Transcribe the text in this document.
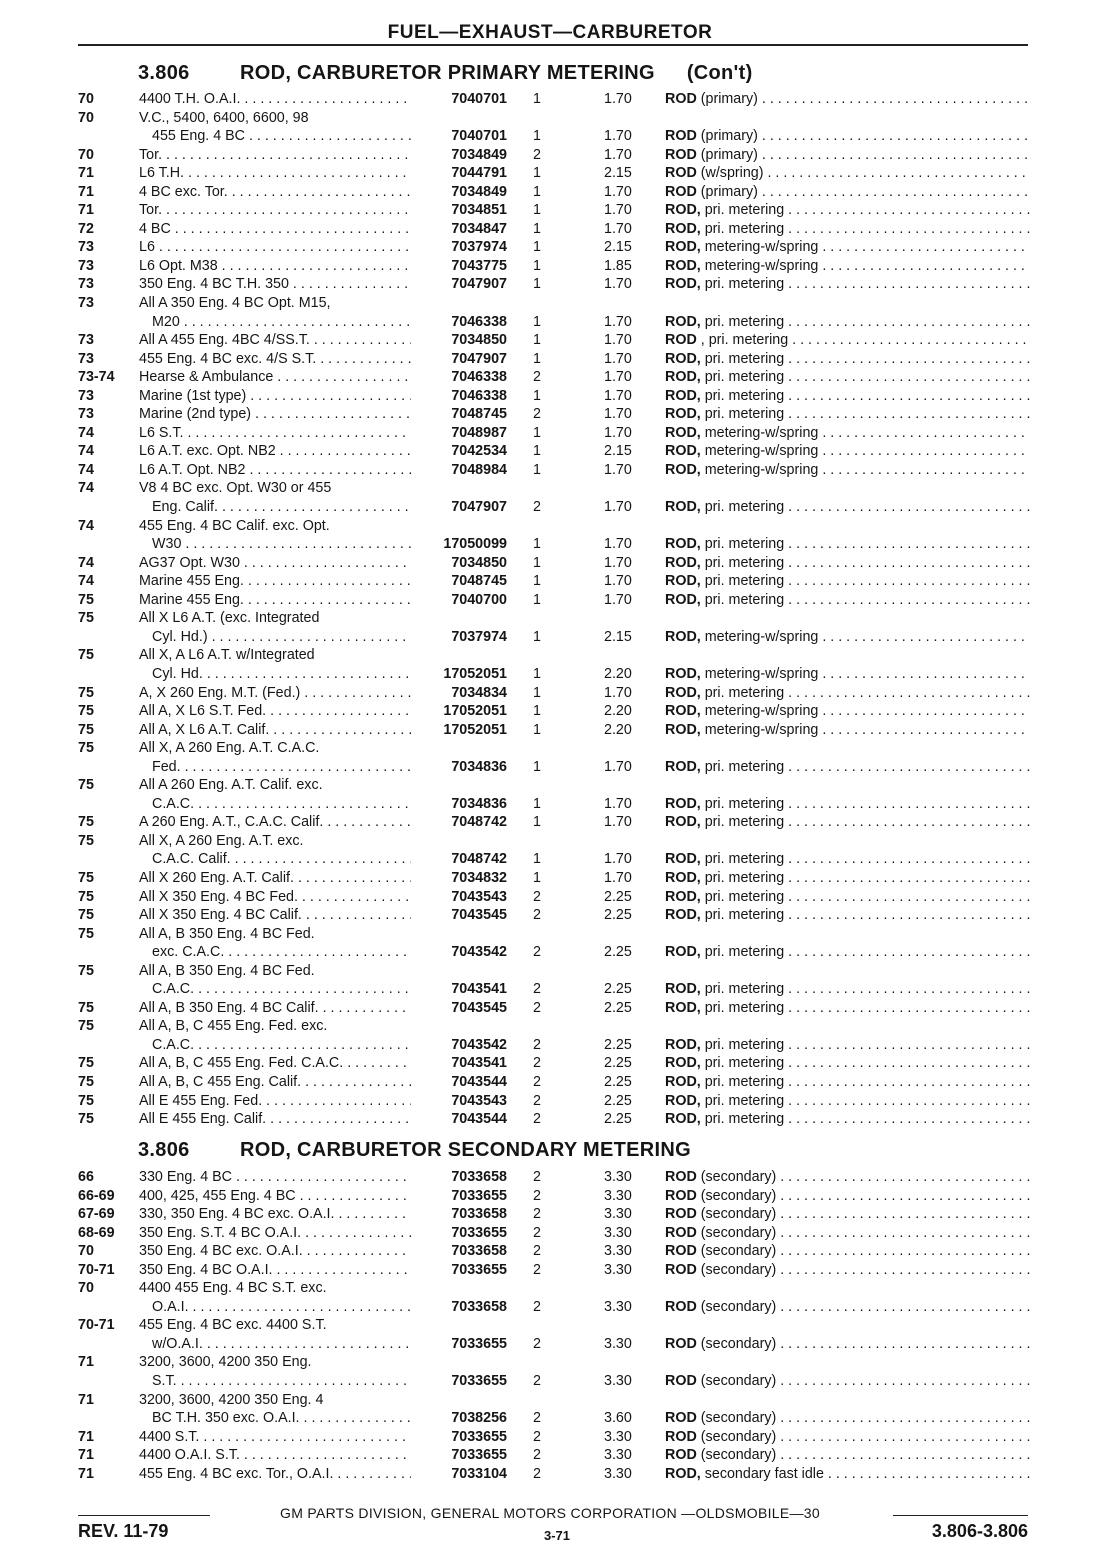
FUEL—EXHAUST—CARBURETOR
3.806	ROD, CARBURETOR PRIMARY METERING (Con't)
70	4400 T.H. O.A.I. . . .	7040701 1	1.70 ROD (primary) . . .
70	V.C., 5400, 6400, 6600, 98
455 Eng. 4 BC . . .	7040701 1	1.70 ROD (primary) . . .
70	Tor. . . .	7034849 2	1.70 ROD (primary) . . .
71	L6 T.H. . . .	7044791 1	2.15 ROD (w/spring) . . .
71	4 BC exc. Tor. . . .	7034849 1	1.70 ROD (primary) . . .
71	Tor. . . .	7034851 1	1.70 ROD, pri. metering . . .
72	4 BC . . .	7034847 1	1.70 ROD, pri. metering . . .
73	L6 . . .	7037974 1	2.15 ROD, metering-w/spring . . .
73	L6 Opt. M38 . . .	7043775 1	1.85 ROD, metering-w/spring . . .
73	350 Eng. 4 BC T.H. 350 . . .	7047907 1	1.70 ROD, pri. metering . . .
73	All A 350 Eng. 4 BC Opt. M15,
M20 . . .	7046338 1	1.70 ROD, pri. metering . . .
73	All A 455 Eng. 4BC 4/SS.T. . . .	7034850 1	1.70 ROD , pri. metering . . .
73	455 Eng. 4 BC exc. 4/S S.T. . . .	7047907 1	1.70 ROD, pri. metering . . .
73-74 Hearse & Ambulance . . .	7046338 2	1.70 ROD, pri. metering . . .
73	Marine (1st type) . . .	7046338 1	1.70 ROD, pri. metering . . .
73	Marine (2nd type) . . .	7048745 2	1.70 ROD, pri. metering . . .
74	L6 S.T. . . .	7048987 1	1.70 ROD, metering-w/spring . . .
74	L6 A.T. exc. Opt. NB2 . . .	7042534 1	2.15 ROD, metering-w/spring . . .
74	L6 A.T. Opt. NB2 . . .	7048984 1	1.70 ROD, metering-w/spring . . .
74	V8 4 BC exc. Opt. W30 or 455
Eng. Calif. . . .	7047907 2	1.70 ROD, pri. metering . . .
74	455 Eng. 4 BC Calif. exc. Opt.
W30 . . .	17050099 1	1.70 ROD, pri. metering . . .
74	AG37 Opt. W30 . . .	7034850 1	1.70 ROD, pri. metering . . .
74	Marine 455 Eng. . . .	7048745 1	1.70 ROD, pri. metering . . .
75	Marine 455 Eng. . . .	7040700 1	1.70 ROD, pri. metering . . .
75	All X L6 A.T. (exc. Integrated
Cyl. Hd.) . . .	7037974 1	2.15 ROD, metering-w/spring . . .
75	All X, A L6 A.T. w/Integrated
Cyl. Hd. . . .	17052051 1	2.20 ROD, metering-w/spring . . .
75	A, X 260 Eng. M.T. (Fed.) . . .	7034834 1	1.70 ROD, pri. metering . . .
75	All A, X L6 S.T. Fed. . . .	17052051 1	2.20 ROD, metering-w/spring . . .
75	All A, X L6 A.T. Calif. . . .	17052051 1	2.20 ROD, metering-w/spring . . .
75	All X, A 260 Eng. A.T. C.A.C.
Fed. . . .	7034836 1	1.70 ROD, pri. metering . . .
75	All A 260 Eng. A.T. Calif. exc.
C.A.C. . . .	7034836 1	1.70 ROD, pri. metering . . .
75	A 260 Eng. A.T., C.A.C. Calif. . . .	7048742 1	1.70 ROD, pri. metering . . .
75	All X, A 260 Eng. A.T. exc.
C.A.C. Calif. . . .	7048742 1	1.70 ROD, pri. metering . . .
75	All X 260 Eng. A.T. Calif. . . .	7034832 1	1.70 ROD, pri. metering . . .
75	All X 350 Eng. 4 BC Fed. . . .	7043543 2	2.25 ROD, pri. metering . . .
75	All X 350 Eng. 4 BC Calif. . . .	7043545 2	2.25 ROD, pri. metering . . .
75	All A, B 350 Eng. 4 BC Fed.
exc. C.A.C. . . .	7043542 2	2.25 ROD, pri. metering . . .
75	All A, B 350 Eng. 4 BC Fed.
C.A.C. . . .	7043541 2	2.25 ROD, pri. metering . . .
75	All A, B 350 Eng. 4 BC Calif. . . .	7043545 2	2.25 ROD, pri. metering . . .
75	All A, B, C 455 Eng. Fed. exc.
C.A.C. . . .	7043542 2	2.25 ROD, pri. metering . . .
75	All A, B, C 455 Eng. Fed. C.A.C. . . .	7043541 2	2.25 ROD, pri. metering . . .
75	All A, B, C 455 Eng. Calif. . . .	7043544 2	2.25 ROD, pri. metering . . .
75	All E 455 Eng. Fed. . . .	7043543 2	2.25 ROD, pri. metering . . .
75	All E 455 Eng. Calif. . . .	7043544 2	2.25 ROD, pri. metering . . .
3.806	ROD, CARBURETOR SECONDARY METERING
66	330 Eng. 4 BC . . .	7033658 2	3.30 ROD (secondary) . . .
66-69 400, 425, 455 Eng. 4 BC . . .	7033655 2	3.30 ROD (secondary) . . .
67-69 330, 350 Eng. 4 BC exc. O.A.I. . . .	7033658 2	3.30 ROD (secondary) . . .
68-69 350 Eng. S.T. 4 BC O.A.I. . . .	7033655 2	3.30 ROD (secondary) . . .
70	350 Eng. 4 BC exc. O.A.I. . . .	7033658 2	3.30 ROD (secondary) . . .
70-71 350 Eng. 4 BC O.A.I. . . .	7033655 2	3.30 ROD (secondary) . . .
70	4400 455 Eng. 4 BC S.T. exc.
O.A.I. . . .	7033658 2	3.30 ROD (secondary) . . .
70-71 455 Eng. 4 BC exc. 4400 S.T.
w/O.A.I. . . .	7033655 2	3.30 ROD (secondary) . . .
71	3200, 3600, 4200 350 Eng.
S.T. . . .	7033655 2	3.30 ROD (secondary) . . .
71	3200, 3600, 4200 350 Eng. 4
BC T.H. 350 exc. O.A.I. . . .	7038256 2	3.60 ROD (secondary) . . .
71	4400 S.T. . . .	7033655 2	3.30 ROD (secondary) . . .
71	4400 O.A.I. S.T. . . .	7033655 2	3.30 ROD (secondary) . . .
71	455 Eng. 4 BC exc. Tor., O.A.I. . . .	7033104 2	3.30 ROD, secondary fast idle . . .
GM PARTS DIVISION, GENERAL MOTORS CORPORATION —OLDSMOBILE—30
REV. 11-79	3-71	3.806-3.806
